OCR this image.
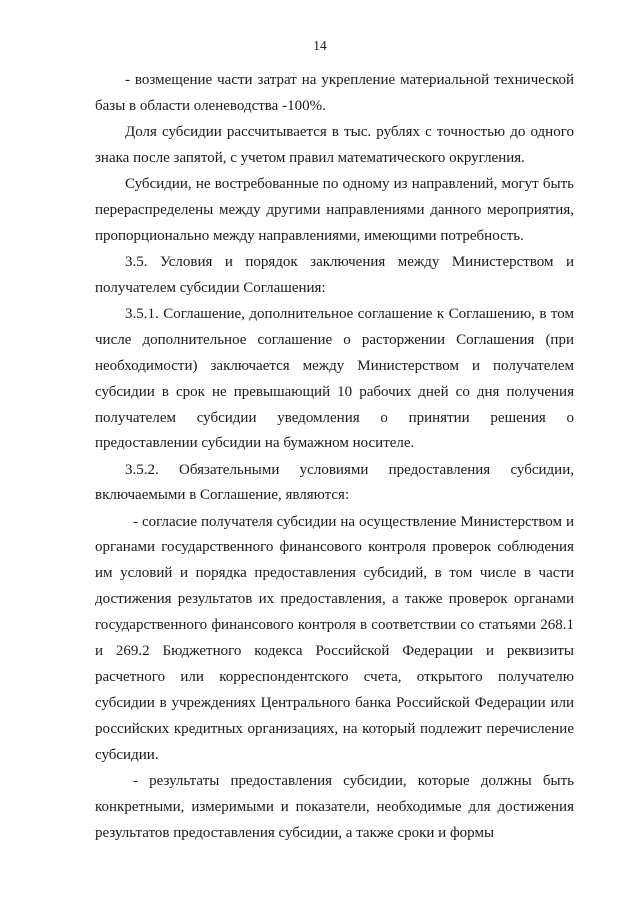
14

- возмещение части затрат на укрепление материальной технической базы в области оленеводства -100%.

Доля субсидии рассчитывается в тыс. рублях с точностью до одного знака после запятой, с учетом правил математического округления.

Субсидии, не востребованные по одному из направлений, могут быть перераспределены между другими направлениями данного мероприятия, пропорционально между направлениями, имеющими потребность.

3.5. Условия и порядок заключения между Министерством и получателем субсидии Соглашения:

3.5.1. Соглашение, дополнительное соглашение к Соглашению, в том числе дополнительное соглашение о расторжении Соглашения (при необходимости) заключается между Министерством и получателем субсидии в срок не превышающий 10 рабочих дней со дня получения получателем субсидии уведомления о принятии решения о предоставлении субсидии на бумажном носителе.

3.5.2. Обязательными условиями предоставления субсидии, включаемыми в Соглашение, являются:

- согласие получателя субсидии на осуществление Министерством и органами государственного финансового контроля проверок соблюдения им условий и порядка предоставления субсидий, в том числе в части достижения результатов их предоставления, а также проверок органами государственного финансового контроля в соответствии со статьями 268.1 и 269.2 Бюджетного кодекса Российской Федерации и реквизиты расчетного или корреспондентского счета, открытого получателю субсидии в учреждениях Центрального банка Российской Федерации или российских кредитных организациях, на который подлежит перечисление субсидии.

- результаты предоставления субсидии, которые должны быть конкретными, измеримыми и показатели, необходимые для достижения результатов предоставления субсидии, а также сроки и формы
